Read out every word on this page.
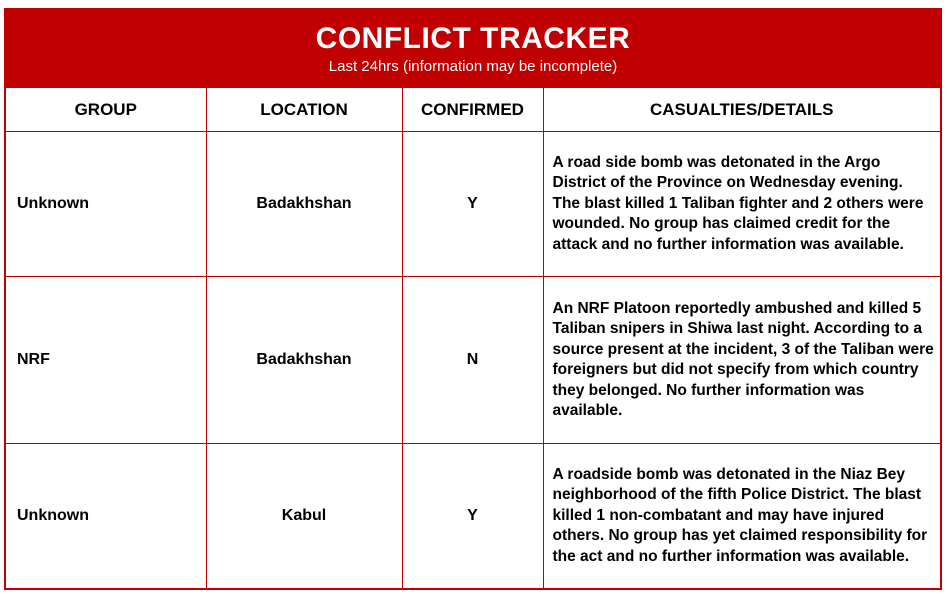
CONFLICT TRACKER
Last 24hrs (information may be incomplete)
GROUP	LOCATION	CONFIRMED	CASUALTIES/DETAILS
Unknown	Badakhshan	Y	A road side bomb was detonated in the Argo District of the Province on Wednesday evening. The blast killed 1 Taliban fighter and 2 others were wounded. No group has claimed credit for the attack and no further information was available.
NRF	Badakhshan	N	An NRF Platoon reportedly ambushed and killed 5 Taliban snipers in Shiwa last night. According to a source present at the incident, 3 of the Taliban were foreigners but did not specify from which country they belonged. No further information was available.
Unknown	Kabul	Y	A roadside bomb was detonated in the Niaz Bey neighborhood of the fifth Police District. The blast killed 1 non-combatant and may have injured others. No group has yet claimed responsibility for the act and no further information was available.
